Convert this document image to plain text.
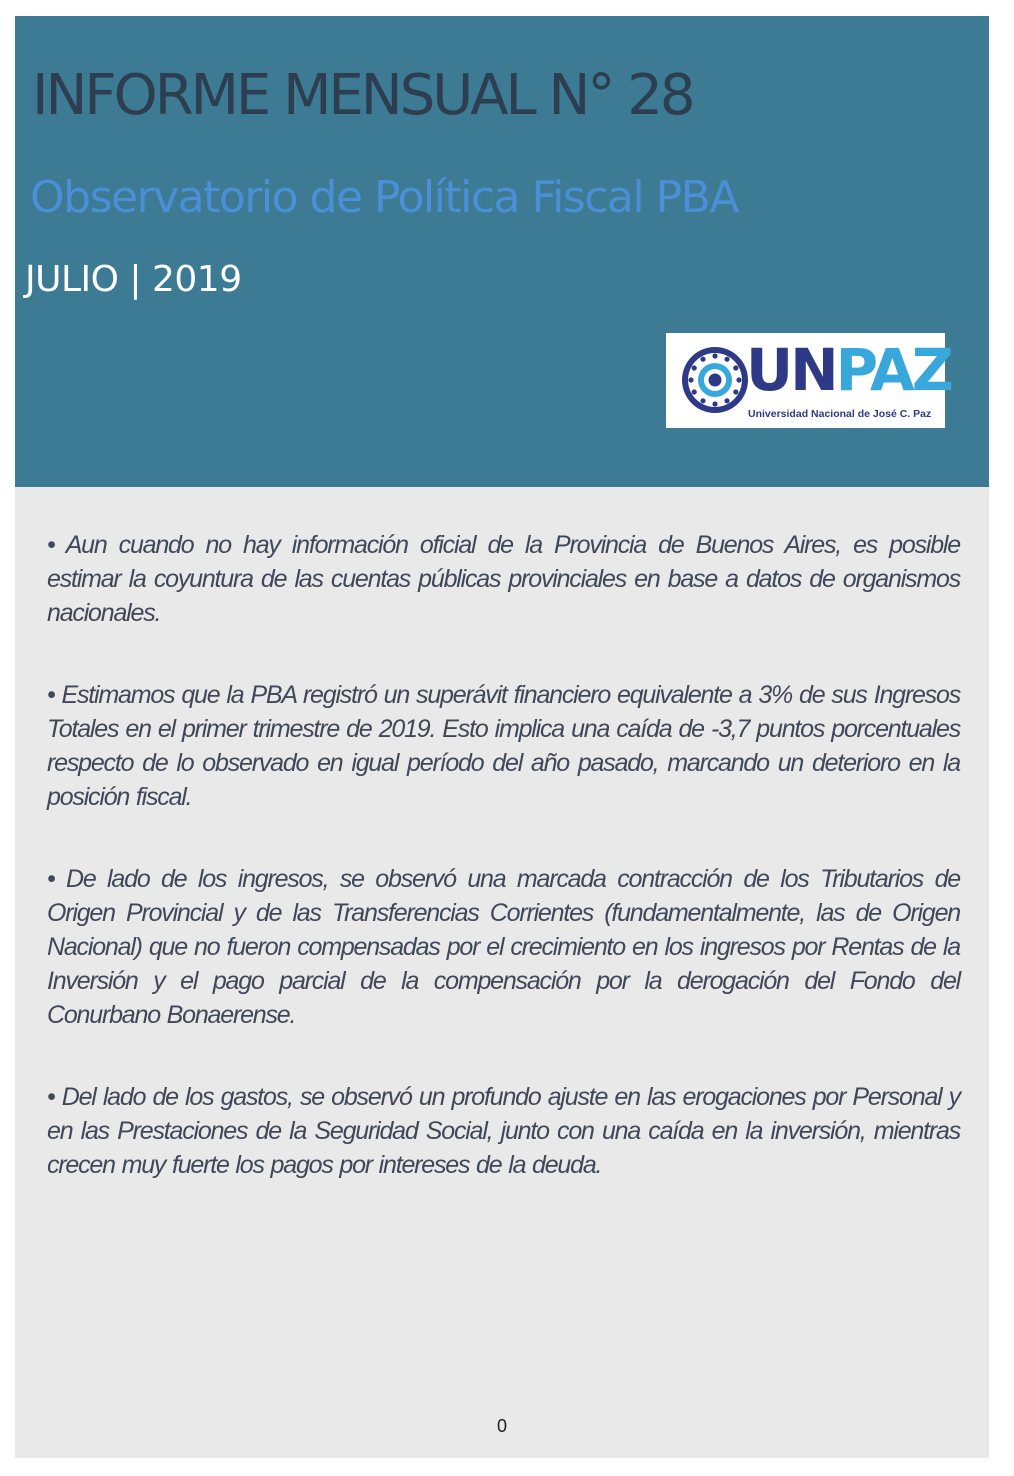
INFORME MENSUAL N° 28
Observatorio de Política Fiscal PBA
JULIO | 2019
UNPAZ
Universidad Nacional de José C. Paz

• Aun cuando no hay información oficial de la Provincia de Buenos Aires, es posible estimar la coyuntura de las cuentas públicas provinciales en base a datos de organismos nacionales.

• Estimamos que la PBA registró un superávit financiero equivalente a 3% de sus Ingresos Totales en el primer trimestre de 2019. Esto implica una caída de -3,7 puntos porcentuales respecto de lo observado en igual período del año pasado, marcando un deterioro en la posición fiscal.

• De lado de los ingresos, se observó una marcada contracción de los Tributarios de Origen Provincial y de las Transferencias Corrientes (fundamentalmente, las de Origen Nacional) que no fueron compensadas por el crecimiento en los ingresos por Rentas de la Inversión y el pago parcial de la compensación por la derogación del Fondo del Conurbano Bonaerense.

• Del lado de los gastos, se observó un profundo ajuste en las erogaciones por Personal y en las Prestaciones de la Seguridad Social, junto con una caída en la inversión, mientras crecen muy fuerte los pagos por intereses de la deuda.

0
